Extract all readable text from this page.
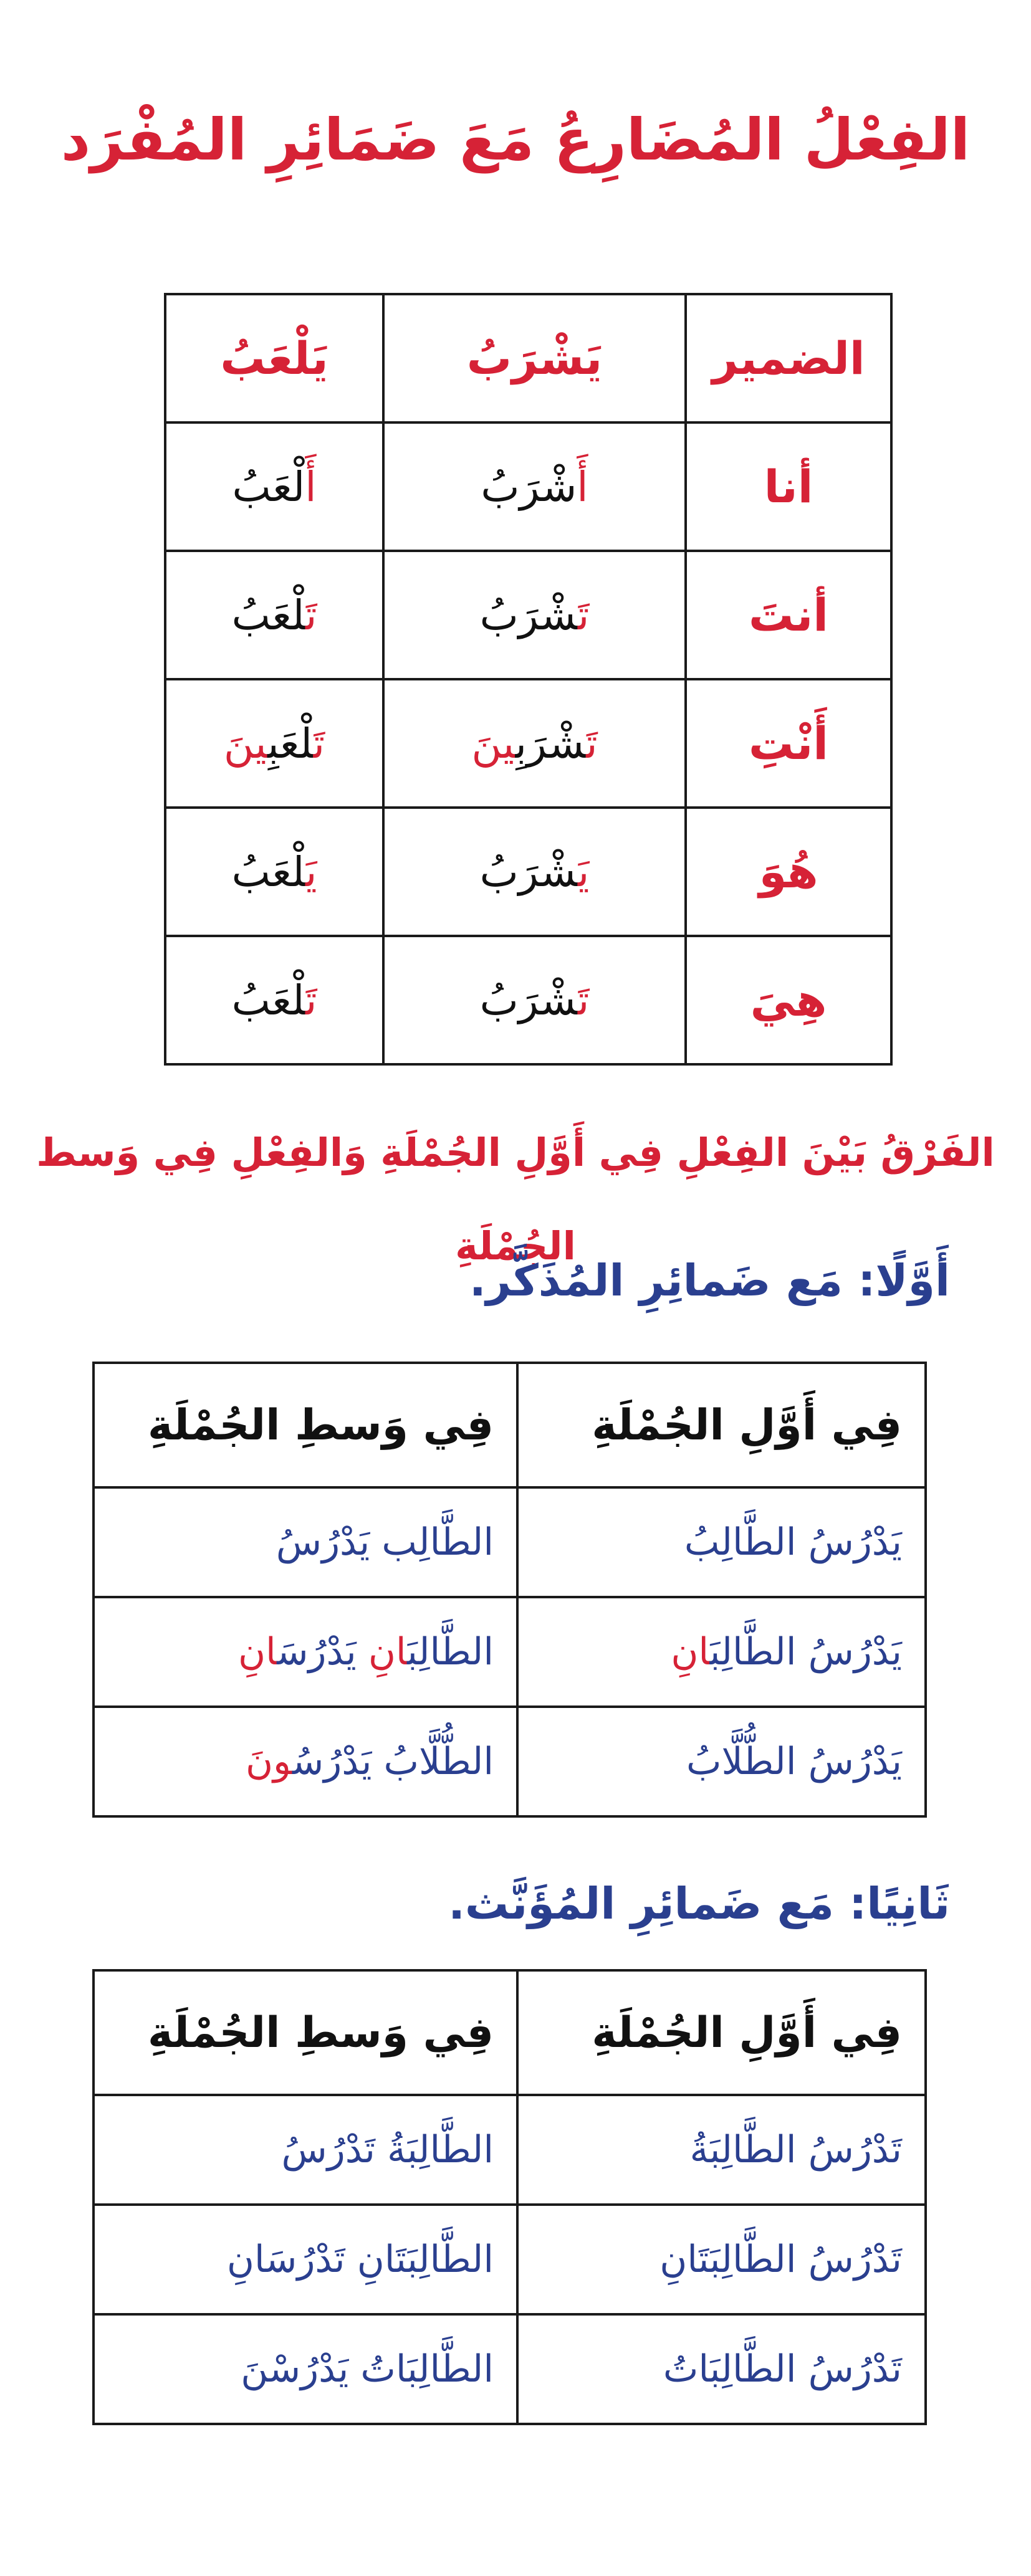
الفِعْلُ المُضَارِعُ مَعَ ضَمَائِرِ المُفْرَد
الضمير	يَشْرَبُ	يَلْعَبُ
أنا	أَشْرَبُ	أَلْعَبُ
أنتَ	تَشْرَبُ	تَلْعَبُ
أَنْتِ	تَشْرَبِينَ	تَلْعَبِينَ
هُوَ	يَشْرَبُ	يَلْعَبُ
هِيَ	تَشْرَبُ	تَلْعَبُ
الفَرْقُ بَيْنَ الفِعْلِ فِي أَوَّلِ الجُمْلَةِ وَالفِعْلِ فِي وَسط الجُمْلَةِ
أَوَّلًا: مَع ضَمائِرِ المُذَكَّر.
فِي أَوَّلِ الجُمْلَةِ	فِي وَسطِ الجُمْلَةِ
يَدْرُسُ الطَّالِبُ	الطَّالِب يَدْرُسُ
يَدْرُسُ الطَّالِبَانِ	الطَّالِبَانِ يَدْرُسَانِ
يَدْرُسُ الطُّلَّابُ	الطُّلَّابُ يَدْرُسُونَ
ثَانِيًا: مَع ضَمائِرِ المُؤَنَّث.
فِي أَوَّلِ الجُمْلَةِ	فِي وَسطِ الجُمْلَةِ
تَدْرُسُ الطَّالِبَةُ	الطَّالِبَةُ تَدْرُسُ
تَدْرُسُ الطَّالِبَتَانِ	الطَّالِبَتَانِ تَدْرُسَانِ
تَدْرُسُ الطَّالِبَاتُ	الطَّالِبَاتُ يَدْرُسْنَ
